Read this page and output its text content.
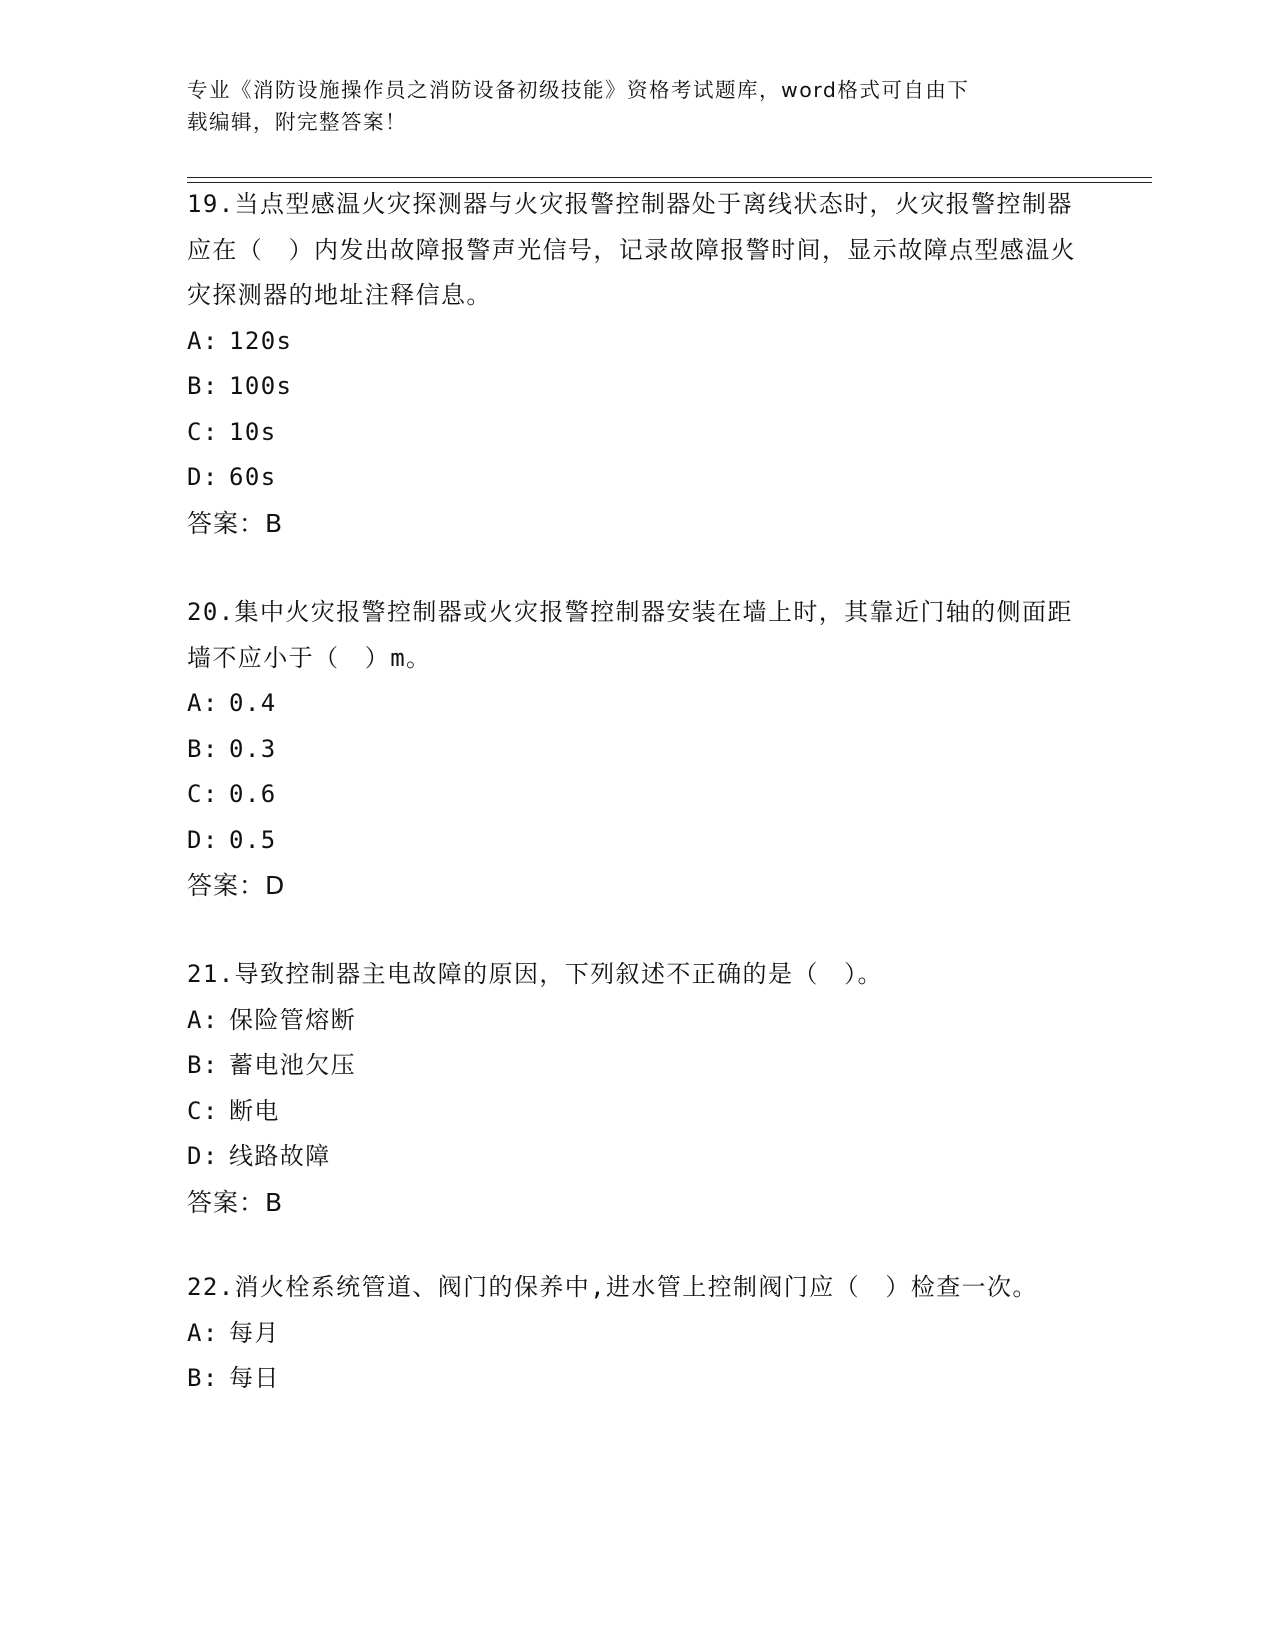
专业《消防设施操作员之消防设备初级技能》资格考试题库，word格式可自由下
载编辑，附完整答案！

19.当点型感温火灾探测器与火灾报警控制器处于离线状态时，火灾报警控制器应在（　）内发出故障报警声光信号，记录故障报警时间，显示故障点型感温火灾探测器的地址注释信息。

A: 120s

B: 100s

C: 10s

D: 60s

答案：B

20.集中火灾报警控制器或火灾报警控制器安装在墙上时，其靠近门轴的侧面距墙不应小于（　）m。

A: 0.4

B: 0.3

C: 0.6

D: 0.5

答案：D

21.导致控制器主电故障的原因，下列叙述不正确的是（　）。

A: 保险管熔断

B: 蓄电池欠压

C: 断电

D: 线路故障

答案：B

22.消火栓系统管道、阀门的保养中,进水管上控制阀门应（　）检查一次。

A: 每月

B: 每日
